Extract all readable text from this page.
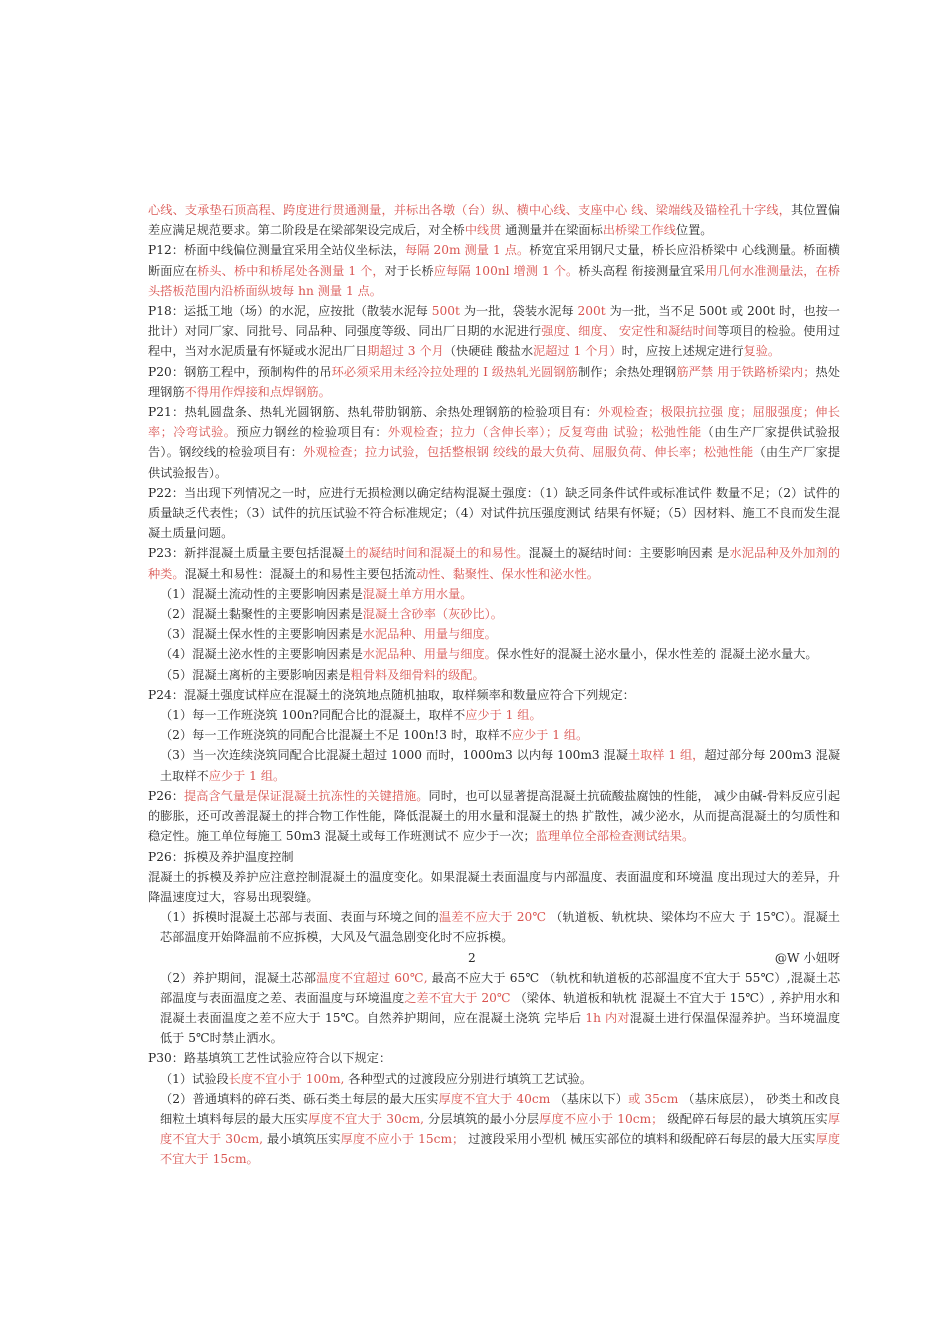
心线、支承垫石顶高程、跨度进行贯通测量，并标出各墩（台）纵、横中心线、支座中心 线、梁端线及锚栓孔十字线，其位置偏差应满足规范要求。第二阶段是在梁部架设完成后，对全桥中线贯 通测量并在梁面标出桥梁工作线位置。

P12：桥面中线偏位测量宜采用全站仪坐标法，每隔 20m 测量 1 点。桥宽宜采用钢尺丈量，桥长应沿桥梁中 心线测量。桥面横断面应在桥头、桥中和桥尾处各测量 1 个，对于长桥应每隔 100nl 增测 1 个。桥头高程 衔接测量宜采用几何水准测量法，在桥头搭板范围内沿桥面纵坡每 hn 测量 1 点。

P18：运抵工地（场）的水泥，应按批（散装水泥每 500t 为一批，袋装水泥每 200t 为一批，当不足 500t 或 200t 时，也按一批计）对同厂家、同批号、同品种、同强度等级、同出厂日期的水泥进行强度、细度、 安定性和凝结时间等项目的检验。使用过程中，当对水泥质量有怀疑或水泥出厂日期超过 3 个月（快硬硅 酸盐水泥超过 1 个月）时，应按上述规定进行复验。

P20：钢筋工程中，预制构件的吊环必须采用未经冷拉处理的 I 级热轧光圆钢筋制作；余热处理钢筋严禁 用于铁路桥梁内；热处理钢筋不得用作焊接和点焊钢筋。

P21：热轧圆盘条、热轧光圆钢筋、热轧带肋钢筋、余热处理钢筋的检验项目有：外观检查；极限抗拉强 度；屈服强度；伸长率；冷弯试验。预应力钢丝的检验项目有：外观检查；拉力（含伸长率）；反复弯曲 试验；松弛性能（由生产厂家提供试验报告）。钢绞线的检验项目有：外观检查；拉力试验，包括整根钢 绞线的最大负荷、屈服负荷、伸长率；松弛性能（由生产厂家提供试验报告）。

P22：当出现下列情况之一时，应进行无损检测以确定结构混凝土强度：（1）缺乏同条件试件或标准试件 数量不足；（2）试件的质量缺乏代表性；（3）试件的抗压试验不符合标准规定；（4）对试件抗压强度测试 结果有怀疑；（5）因材料、施工不良而发生混凝土质量问题。

P23：新拌混凝土质量主要包括混凝土的凝结时间和混凝土的和易性。混凝土的凝结时间：主要影响因素 是水泥品种及外加剂的种类。混凝土和易性：混凝土的和易性主要包括流动性、黏聚性、保水性和泌水性。

（1）混凝土流动性的主要影响因素是混凝土单方用水量。

（2）混凝土黏聚性的主要影响因素是混凝土含砂率（灰砂比）。

（3）混凝土保水性的主要影响因素是水泥品种、用量与细度。

（4）混凝土泌水性的主要影响因素是水泥品种、用量与细度。保水性好的混凝土泌水量小，保水性差的 混凝土泌水量大。

（5）混凝土离析的主要影响因素是粗骨料及细骨料的级配。

P24：混凝土强度试样应在混凝土的浇筑地点随机抽取，取样频率和数量应符合下列规定：

（1）每一工作班浇筑 100n?同配合比的混凝土，取样不应少于 1 组。

（2）每一工作班浇筑的同配合比混凝土不足 100n!3 时，取样不应少于 1 组。

（3）当一次连续浇筑同配合比混凝土超过 1000 而时，1000m3 以内每 100m3 混凝土取样 1 组，超过部分每 200m3 混凝土取样不应少于 1 组。

P26：提高含气量是保证混凝土抗冻性的关键措施。同时，也可以显著提高混凝土抗硫酸盐腐蚀的性能， 减少由碱-骨料反应引起的膨胀，还可改善混凝土的拌合物工作性能，降低混凝土的用水量和混凝土的热 扩散性，减少泌水，从而提高混凝土的匀质性和稳定性。施工单位每施工 50m3 混凝土或每工作班测试不 应少于一次；监理单位全部检查测试结果。

P26：拆模及养护温度控制

混凝土的拆模及养护应注意控制混凝土的温度变化。如果混凝土表面温度与内部温度、表面温度和环境温 度出现过大的差异，升降温速度过大，容易出现裂缝。

（1）拆模时混凝土芯部与表面、表面与环境之间的温差不应大于 20℃ （轨道板、轨枕块、梁体均不应大 于 15℃）。混凝土芯部温度开始降温前不应拆模，大风及气温急剧变化时不应拆模。

2	@W 小妞呀

（2）养护期间，混凝土芯部温度不宜超过 60℃, 最高不应大于 65℃ （轨枕和轨道板的芯部温度不宜大于 55℃）,混凝土芯部温度与表面温度之差、表面温度与环境温度之差不宜大于 20℃ （梁体、轨道板和轨枕 混凝土不宜大于 15℃）, 养护用水和混凝土表面温度之差不应大于 15℃。自然养护期间，应在混凝土浇筑 完毕后 1h 内对混凝土进行保温保湿养护。当环境温度低于 5℃时禁止洒水。

P30：路基填筑工艺性试验应符合以下规定：

（1）试验段长度不宜小于 100m, 各种型式的过渡段应分别进行填筑工艺试验。

（2）普通填料的碎石类、砾石类土每层的最大压实厚度不宜大于 40cm （基床以下）或 35cm （基床底层）， 砂类土和改良细粒土填料每层的最大压实厚度不宜大于 30cm, 分层填筑的最小分层厚度不应小于 10cm； 级配碎石每层的最大填筑压实厚度不宜大于 30cm, 最小填筑压实厚度不应小于 15cm； 过渡段采用小型机 械压实部位的填料和级配碎石每层的最大压实厚度不宜大于 15cm。
